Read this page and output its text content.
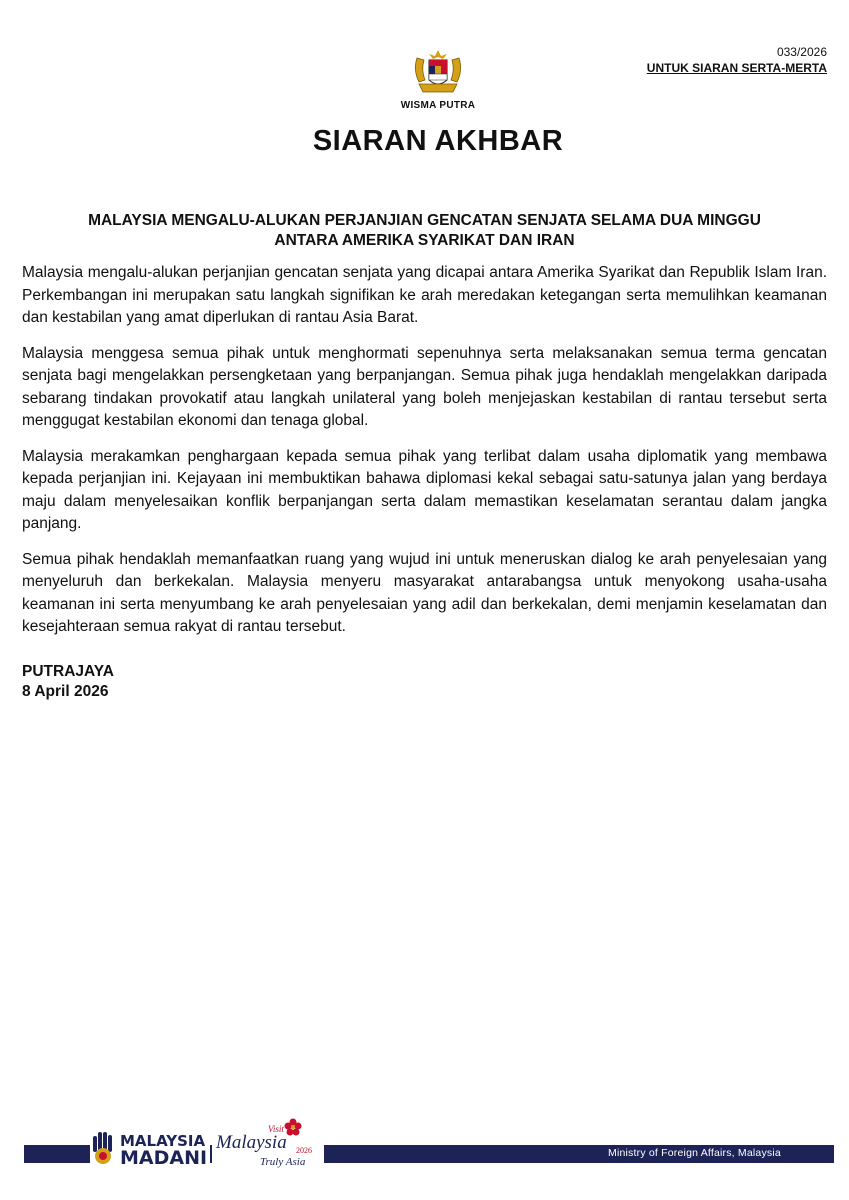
033/2026
UNTUK SIARAN SERTA-MERTA
WISMA PUTRA
SIARAN AKHBAR
MALAYSIA MENGALU-ALUKAN PERJANJIAN GENCATAN SENJATA SELAMA DUA MINGGU
ANTARA AMERIKA SYARIKAT DAN IRAN

Malaysia mengalu-alukan perjanjian gencatan senjata yang dicapai antara Amerika Syarikat dan Republik Islam Iran. Perkembangan ini merupakan satu langkah signifikan ke arah meredakan ketegangan serta memulihkan keamanan dan kestabilan yang amat diperlukan di rantau Asia Barat.

Malaysia menggesa semua pihak untuk menghormati sepenuhnya serta melaksanakan semua terma gencatan senjata bagi mengelakkan persengketaan yang berpanjangan. Semua pihak juga hendaklah mengelakkan daripada sebarang tindakan provokatif atau langkah unilateral yang boleh menjejaskan kestabilan di rantau tersebut serta menggugat kestabilan ekonomi dan tenaga global.

Malaysia merakamkan penghargaan kepada semua pihak yang terlibat dalam usaha diplomatik yang membawa kepada perjanjian ini. Kejayaan ini membuktikan bahawa diplomasi kekal sebagai satu-satunya jalan yang berdaya maju dalam menyelesaikan konflik berpanjangan serta dalam memastikan keselamatan serantau dalam jangka panjang.

Semua pihak hendaklah memanfaatkan ruang yang wujud ini untuk meneruskan dialog ke arah penyelesaian yang menyeluruh dan berkekalan. Malaysia menyeru masyarakat antarabangsa untuk menyokong usaha-usaha keamanan ini serta menyumbang ke arah penyelesaian yang adil dan berkekalan, demi menjamin keselamatan dan kesejahteraan semua rakyat di rantau tersebut.

PUTRAJAYA
8 April 2026
Ministry of Foreign Affairs, Malaysia
MALAYSIA
MADANI
Visit
Malaysia 2026
Truly Asia
